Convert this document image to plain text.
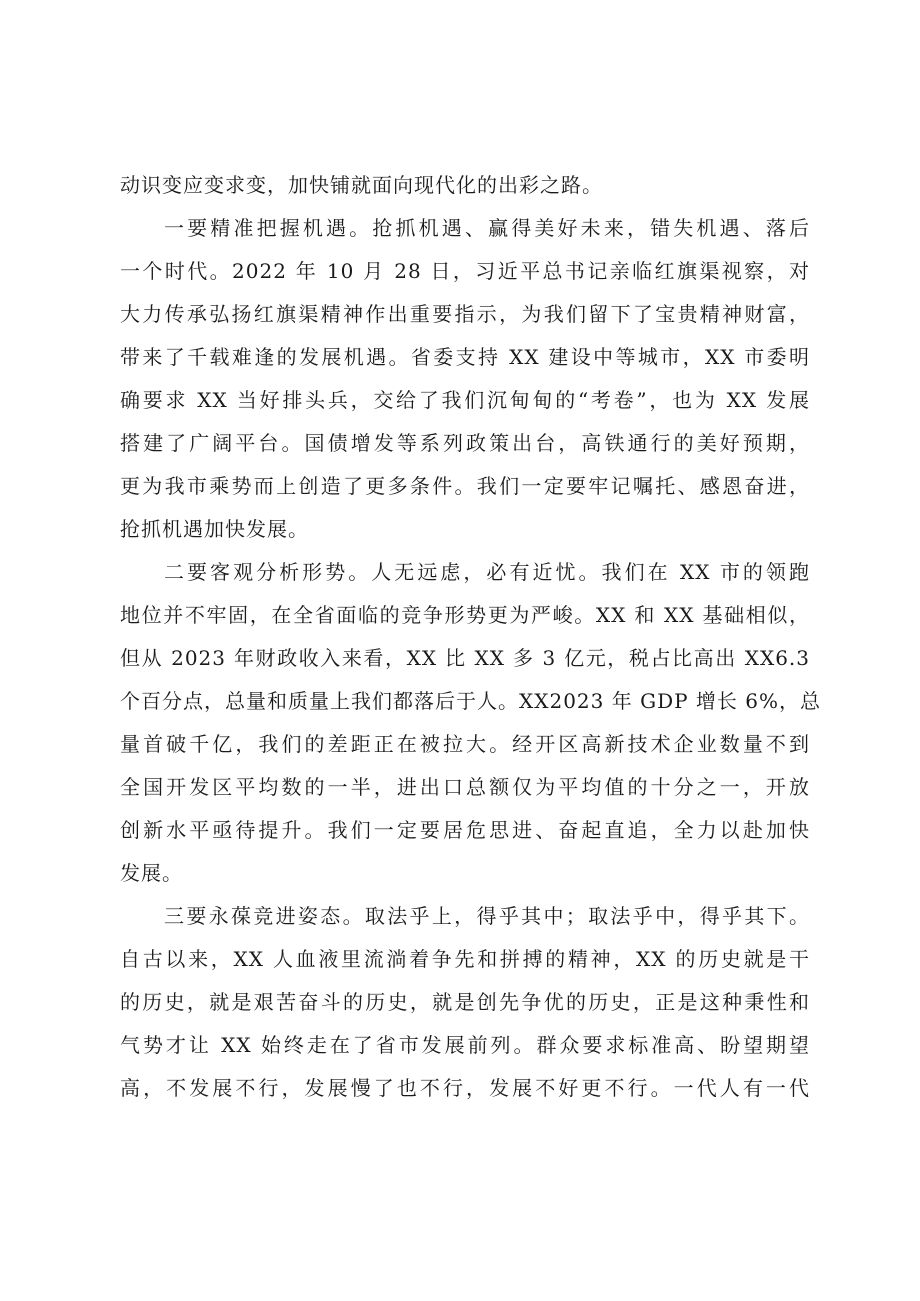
动识变应变求变，加快铺就面向现代化的出彩之路。
一要精准把握机遇。抢抓机遇、赢得美好未来，错失机遇、落后
一个时代。2022 年 10 月 28 日，习近平总书记亲临红旗渠视察，对
大力传承弘扬红旗渠精神作出重要指示，为我们留下了宝贵精神财富，
带来了千载难逢的发展机遇。省委支持 XX 建设中等城市，XX 市委明
确要求 XX 当好排头兵，交给了我们沉甸甸的“考卷”，也为 XX 发展
搭建了广阔平台。国债增发等系列政策出台，高铁通行的美好预期，
更为我市乘势而上创造了更多条件。我们一定要牢记嘱托、感恩奋进，
抢抓机遇加快发展。
二要客观分析形势。人无远虑，必有近忧。我们在 XX 市的领跑
地位并不牢固，在全省面临的竞争形势更为严峻。XX 和 XX 基础相似，
但从 2023 年财政收入来看，XX 比 XX 多 3 亿元，税占比高出 XX6.3
个百分点，总量和质量上我们都落后于人。XX2023 年 GDP 增长 6%，总
量首破千亿，我们的差距正在被拉大。经开区高新技术企业数量不到
全国开发区平均数的一半，进出口总额仅为平均值的十分之一，开放
创新水平亟待提升。我们一定要居危思进、奋起直追，全力以赴加快
发展。
三要永葆竞进姿态。取法乎上，得乎其中；取法乎中，得乎其下。
自古以来，XX 人血液里流淌着争先和拼搏的精神，XX 的历史就是干
的历史，就是艰苦奋斗的历史，就是创先争优的历史，正是这种秉性和
气势才让 XX 始终走在了省市发展前列。群众要求标准高、盼望期望
高，不发展不行，发展慢了也不行，发展不好更不行。一代人有一代
